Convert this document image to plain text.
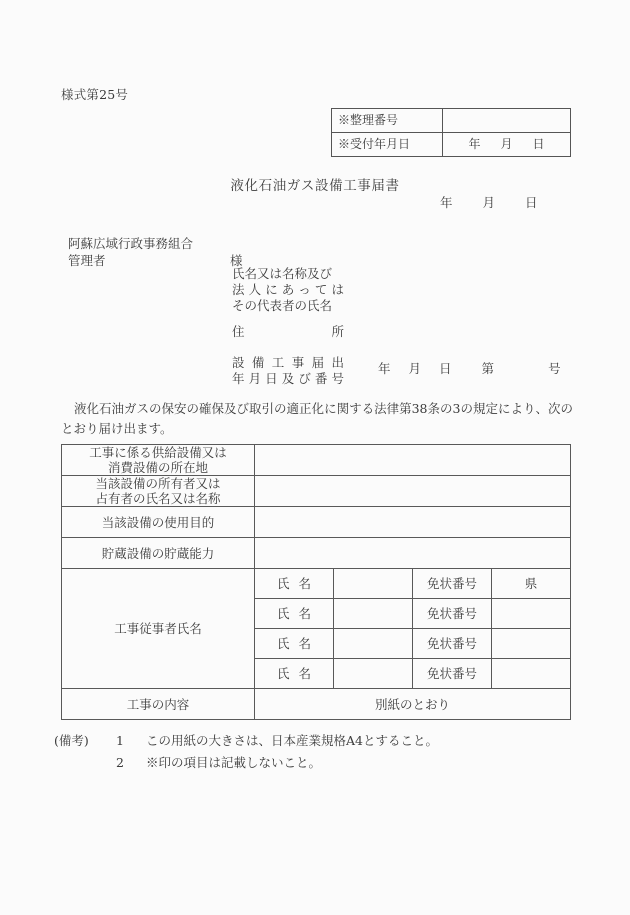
様式第25号
※整理番号	
※受付年月日	年 月 日
液化石油ガス設備工事届書
年 月 日
阿蘇広域行政事務組合
管理者	様
氏名又は名称及び
法人にあっては
その代表者の氏名
住所
設備工事届出
年月日及び番号
年 月 日 第	号
液化石油ガスの保安の確保及び取引の適正化に関する法律第38条の3の規定により、次のとおり届け出ます。
工事に係る供給設備又は
消費設備の所在地				
当該設備の所有者又は
占有者の氏名又は名称				
当該設備の使用目的				
貯蔵設備の貯蔵能力				
工事従事者氏名	氏名		免状番号	県
	氏名		免状番号	
	氏名		免状番号	
	氏名		免状番号	
工事の内容	別紙のとおり			
(備考) 1 この用紙の大きさは、日本産業規格A4とすること。
2 ※印の項目は記載しないこと。
